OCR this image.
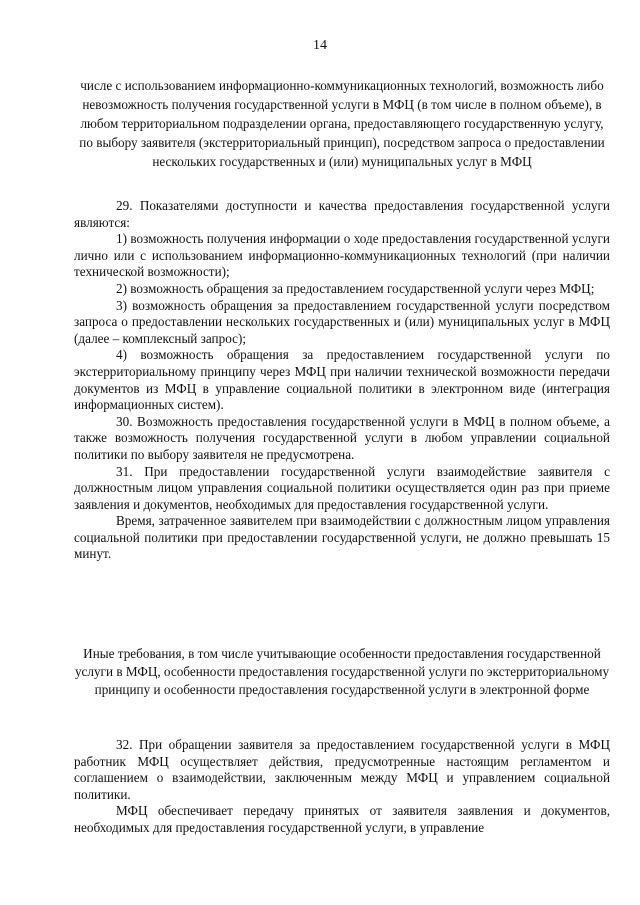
14
числе с использованием информационно-коммуникационных технологий, возможность либо невозможность получения государственной услуги в МФЦ (в том числе в полном объеме), в любом территориальном подразделении органа, предоставляющего государственную услугу, по выбору заявителя (экстерриториальный принцип), посредством запроса о предоставлении нескольких государственных и (или) муниципальных услуг в МФЦ

29. Показателями доступности и качества предоставления государственной услуги являются:

1) возможность получения информации о ходе предоставления государственной услуги лично или с использованием информационно-коммуникационных технологий (при наличии технической возможности);

2) возможность обращения за предоставлением государственной услуги через МФЦ;

3) возможность обращения за предоставлением государственной услуги посредством запроса о предоставлении нескольких государственных и (или) муниципальных услуг в МФЦ (далее – комплексный запрос);

4) возможность обращения за предоставлением государственной услуги по экстерриториальному принципу через МФЦ при наличии технической возможности передачи документов из МФЦ в управление социальной политики в электронном виде (интеграция информационных систем).

30. Возможность предоставления государственной услуги в МФЦ в полном объеме, а также возможность получения государственной услуги в любом управлении социальной политики по выбору заявителя не предусмотрена.

31. При предоставлении государственной услуги взаимодействие заявителя с должностным лицом управления социальной политики осуществляется один раз при приеме заявления и документов, необходимых для предоставления государственной услуги.

Время, затраченное заявителем при взаимодействии с должностным лицом управления социальной политики при предоставлении государственной услуги, не должно превышать 15 минут.

Иные требования, в том числе учитывающие особенности предоставления государственной услуги в МФЦ, особенности предоставления государственной услуги по экстерриториальному принципу и особенности предоставления государственной услуги в электронной форме

32. При обращении заявителя за предоставлением государственной услуги в МФЦ работник МФЦ осуществляет действия, предусмотренные настоящим регламентом и соглашением о взаимодействии, заключенным между МФЦ и управлением социальной политики.

МФЦ обеспечивает передачу принятых от заявителя заявления и документов, необходимых для предоставления государственной услуги, в управление
